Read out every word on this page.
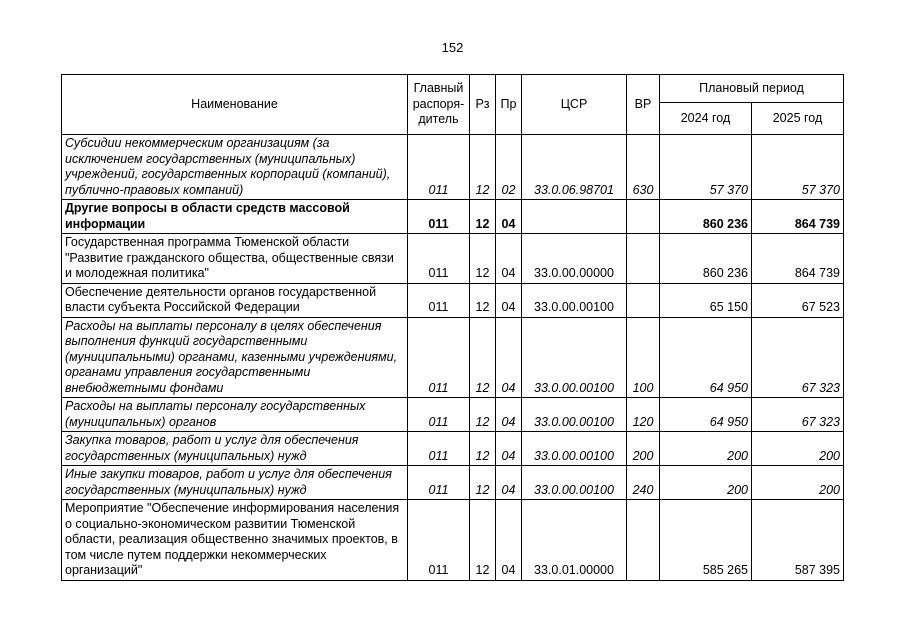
152
Наименование	Главный распоря-дитель	Рз	Пр	ЦСР	ВР	Плановый период	
						2024 год	2025 год
Субсидии некоммерческим организациям (за исключением государственных (муниципальных) учреждений, государственных корпораций (компаний), публично-правовых компаний)	011	12	02	33.0.06.98701	630	57 370	57 370
Другие вопросы в области средств массовой информации	011	12	04			860 236	864 739
Государственная программа Тюменской области "Развитие гражданского общества, общественные связи и молодежная политика"	011	12	04	33.0.00.00000		860 236	864 739
Обеспечение деятельности органов государственной власти субъекта Российской Федерации	011	12	04	33.0.00.00100		65 150	67 523
Расходы на выплаты персоналу в целях обеспечения выполнения функций государственными (муниципальными) органами, казенными учреждениями, органами управления государственными внебюджетными фондами	011	12	04	33.0.00.00100	100	64 950	67 323
Расходы на выплаты персоналу государственных (муниципальных) органов	011	12	04	33.0.00.00100	120	64 950	67 323
Закупка товаров, работ и услуг для обеспечения государственных (муниципальных) нужд	011	12	04	33.0.00.00100	200	200	200
Иные закупки товаров, работ и услуг для обеспечения государственных (муниципальных) нужд	011	12	04	33.0.00.00100	240	200	200
Мероприятие "Обеспечение информирования населения о социально-экономическом развитии Тюменской области, реализация общественно значимых проектов, в том числе путем поддержки некоммерческих организаций"	011	12	04	33.0.01.00000		585 265	587 395
